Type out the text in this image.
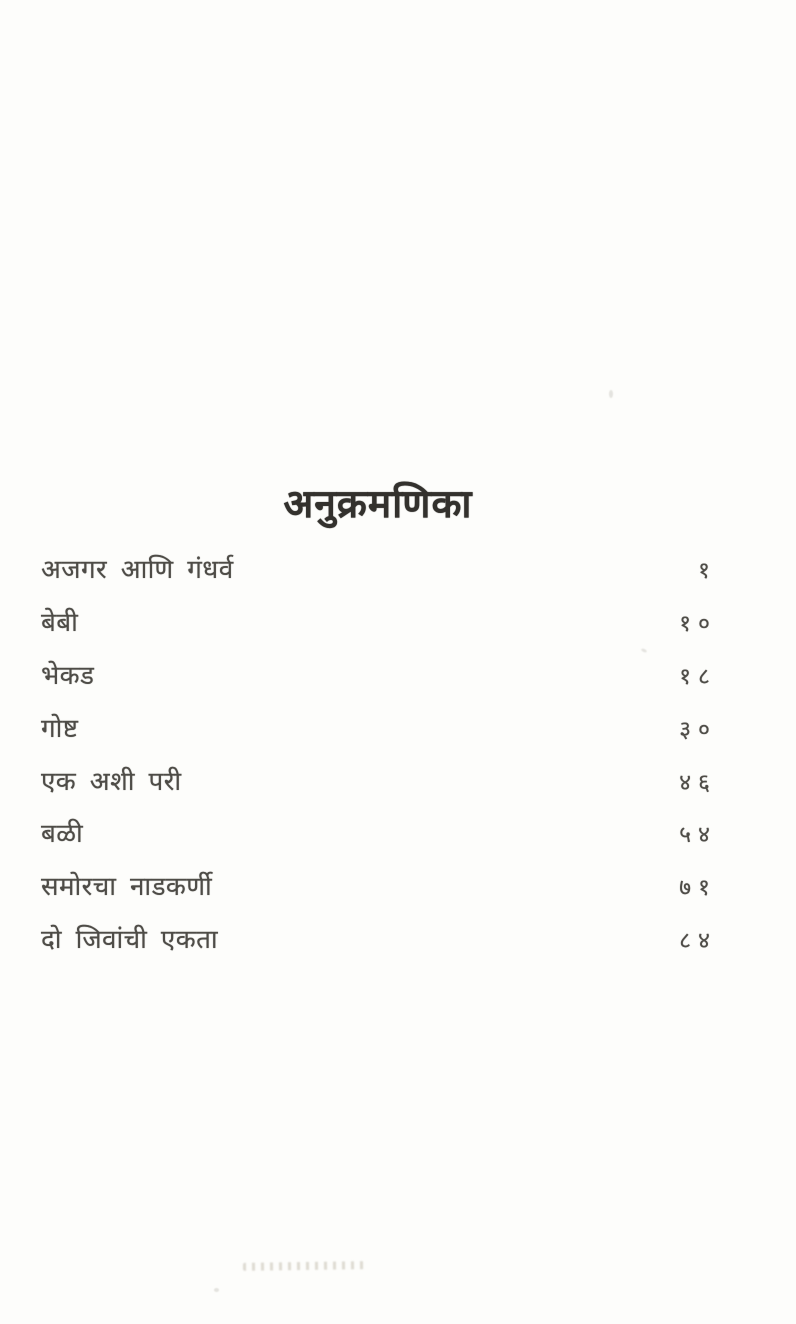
अनुक्रमणिका
अजगर आणि गंधर्व	१
बेबी	१०
भेकड	१८
गोष्ट	३०
एक अशी परी	४६
बळी	५४
समोरचा नाडकर्णी	७१
दो जिवांची एकता	८४
